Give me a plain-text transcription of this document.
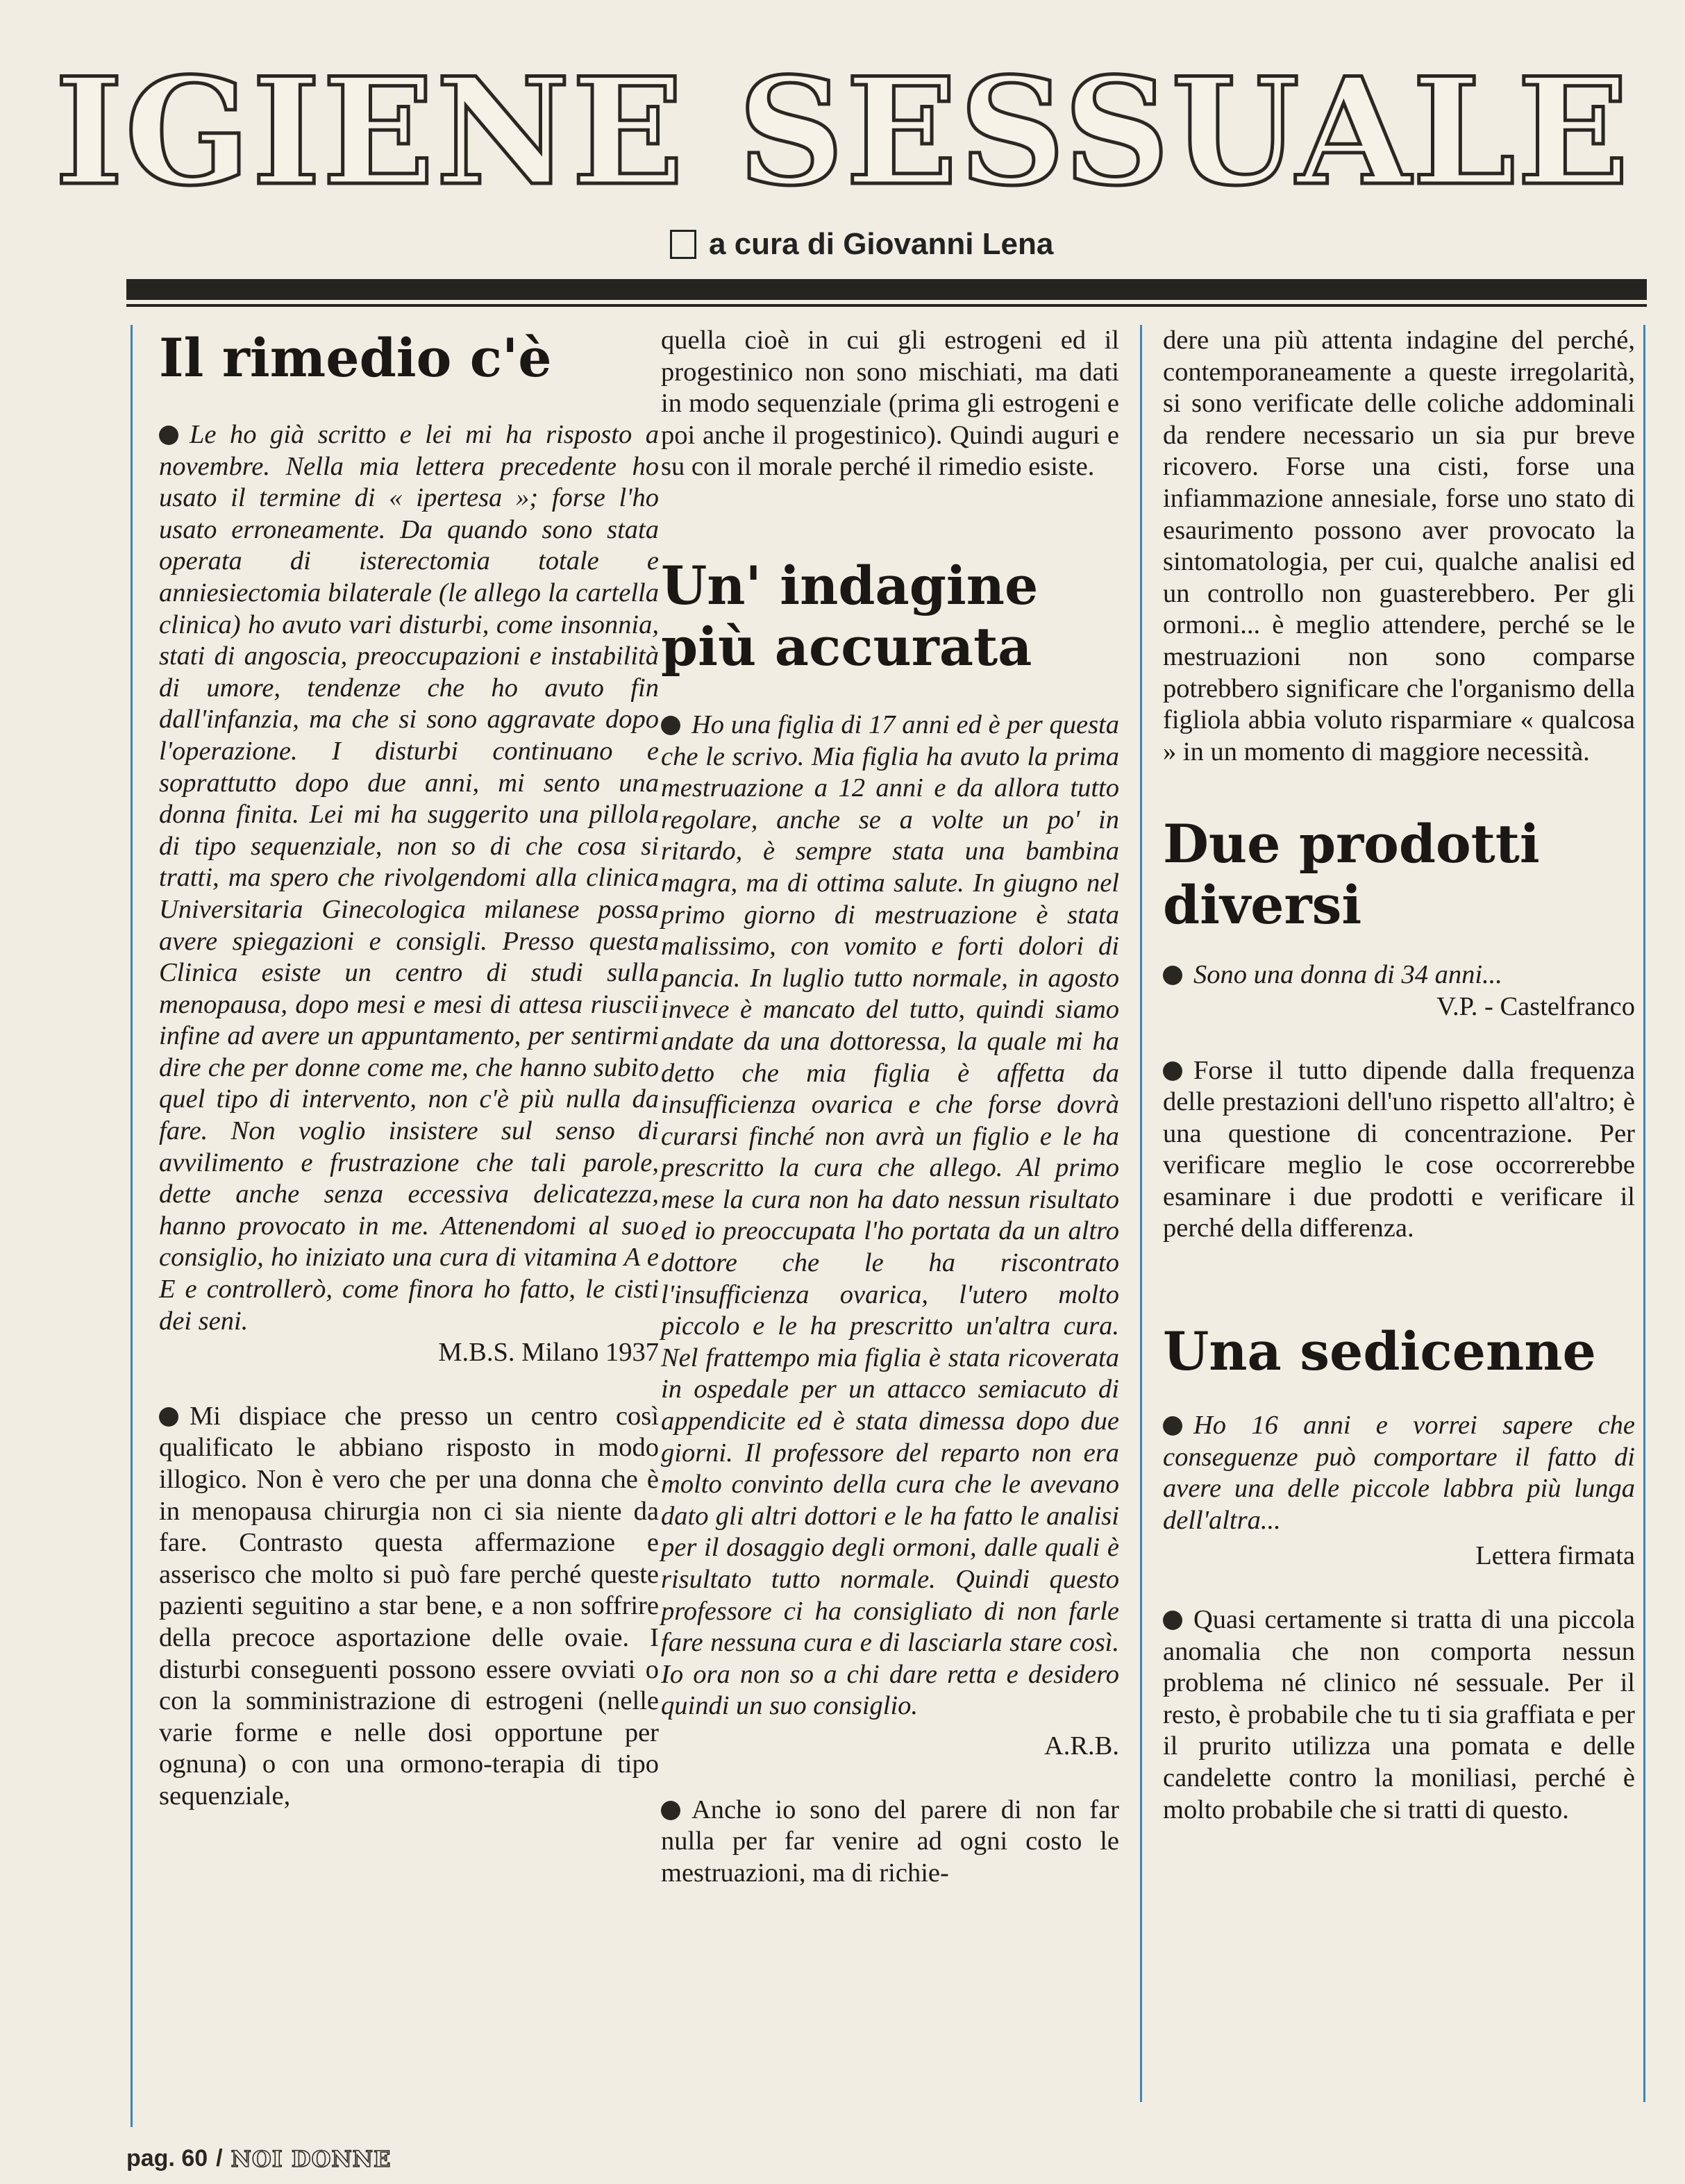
IGIENE SESSUALE
a cura di Giovanni Lena
Il rimedio c'è

Le ho già scritto e lei mi ha risposto a novembre. Nella mia lettera precedente ho usato il termine di « ipertesa »; forse l'ho usato erroneamente. Da quando sono stata operata di isterectomia totale e anniesiectomia bilaterale (le allego la cartella clinica) ho avuto vari disturbi, come insonnia, stati di angoscia, preoccupazioni e instabilità di umore, tendenze che ho avuto fin dall'infanzia, ma che si sono aggravate dopo l'operazione. I disturbi continuano e soprattutto dopo due anni, mi sento una donna finita. Lei mi ha suggerito una pillola di tipo sequenziale, non so di che cosa si tratti, ma spero che rivolgendomi alla clinica Universitaria Ginecologica milanese possa avere spiegazioni e consigli. Presso questa Clinica esiste un centro di studi sulla menopausa, dopo mesi e mesi di attesa riuscii infine ad avere un appuntamento, per sentirmi dire che per donne come me, che hanno subito quel tipo di intervento, non c'è più nulla da fare. Non voglio insistere sul senso di avvilimento e frustrazione che tali parole, dette anche senza eccessiva delicatezza, hanno provocato in me. Attenendomi al suo consiglio, ho iniziato una cura di vitamina A e E e controllerò, come finora ho fatto, le cisti dei seni.

M.B.S. Milano 1937

Mi dispiace che presso un centro così qualificato le abbiano risposto in modo illogico. Non è vero che per una donna che è in menopausa chirurgia non ci sia niente da fare. Contrasto questa affermazione e asserisco che molto si può fare perché queste pazienti seguitino a star bene, e a non soffrire della precoce asportazione delle ovaie. I disturbi conseguenti possono essere ovviati o con la somministrazione di estrogeni (nelle varie forme e nelle dosi opportune per ognuna) o con una ormono-terapia di tipo sequenziale,

quella cioè in cui gli estrogeni ed il progestinico non sono mischiati, ma dati in modo sequenziale (prima gli estrogeni e poi anche il progestinico). Quindi auguri e su con il morale perché il rimedio esiste.

Un' indagine più accurata

Ho una figlia di 17 anni ed è per questa che le scrivo. Mia figlia ha avuto la prima mestruazione a 12 anni e da allora tutto regolare, anche se a volte un po' in ritardo, è sempre stata una bambina magra, ma di ottima salute. In giugno nel primo giorno di mestruazione è stata malissimo, con vomito e forti dolori di pancia. In luglio tutto normale, in agosto invece è mancato del tutto, quindi siamo andate da una dottoressa, la quale mi ha detto che mia figlia è affetta da insufficienza ovarica e che forse dovrà curarsi finché non avrà un figlio e le ha prescritto la cura che allego. Al primo mese la cura non ha dato nessun risultato ed io preoccupata l'ho portata da un altro dottore che le ha riscontrato l'insufficienza ovarica, l'utero molto piccolo e le ha prescritto un'altra cura. Nel frattempo mia figlia è stata ricoverata in ospedale per un attacco semiacuto di appendicite ed è stata dimessa dopo due giorni. Il professore del reparto non era molto convinto della cura che le avevano dato gli altri dottori e le ha fatto le analisi per il dosaggio degli ormoni, dalle quali è risultato tutto normale. Quindi questo professore ci ha consigliato di non farle fare nessuna cura e di lasciarla stare così. Io ora non so a chi dare retta e desidero quindi un suo consiglio.

A.R.B.

Anche io sono del parere di non far nulla per far venire ad ogni costo le mestruazioni, ma di richie-

dere una più attenta indagine del perché, contemporaneamente a queste irregolarità, si sono verificate delle coliche addominali da rendere necessario un sia pur breve ricovero. Forse una cisti, forse una infiammazione annesiale, forse uno stato di esaurimento possono aver provocato la sintomatologia, per cui, qualche analisi ed un controllo non guasterebbero. Per gli ormoni... è meglio attendere, perché se le mestruazioni non sono comparse potrebbero significare che l'organismo della figliola abbia voluto risparmiare « qualcosa » in un momento di maggiore necessità.

Due prodotti diversi

Sono una donna di 34 anni...

V.P. - Castelfranco

Forse il tutto dipende dalla frequenza delle prestazioni dell'uno rispetto all'altro; è una questione di concentrazione. Per verificare meglio le cose occorrerebbe esaminare i due prodotti e verificare il perché della differenza.

Una sedicenne

Ho 16 anni e vorrei sapere che conseguenze può comportare il fatto di avere una delle piccole labbra più lunga dell'altra...

Lettera firmata

Quasi certamente si tratta di una piccola anomalia che non comporta nessun problema né clinico né sessuale. Per il resto, è probabile che tu ti sia graffiata e per il prurito utilizza una pomata e delle candelette contro la moniliasi, perché è molto probabile che si tratti di questo.

pag. 60 / NOI DONNE
